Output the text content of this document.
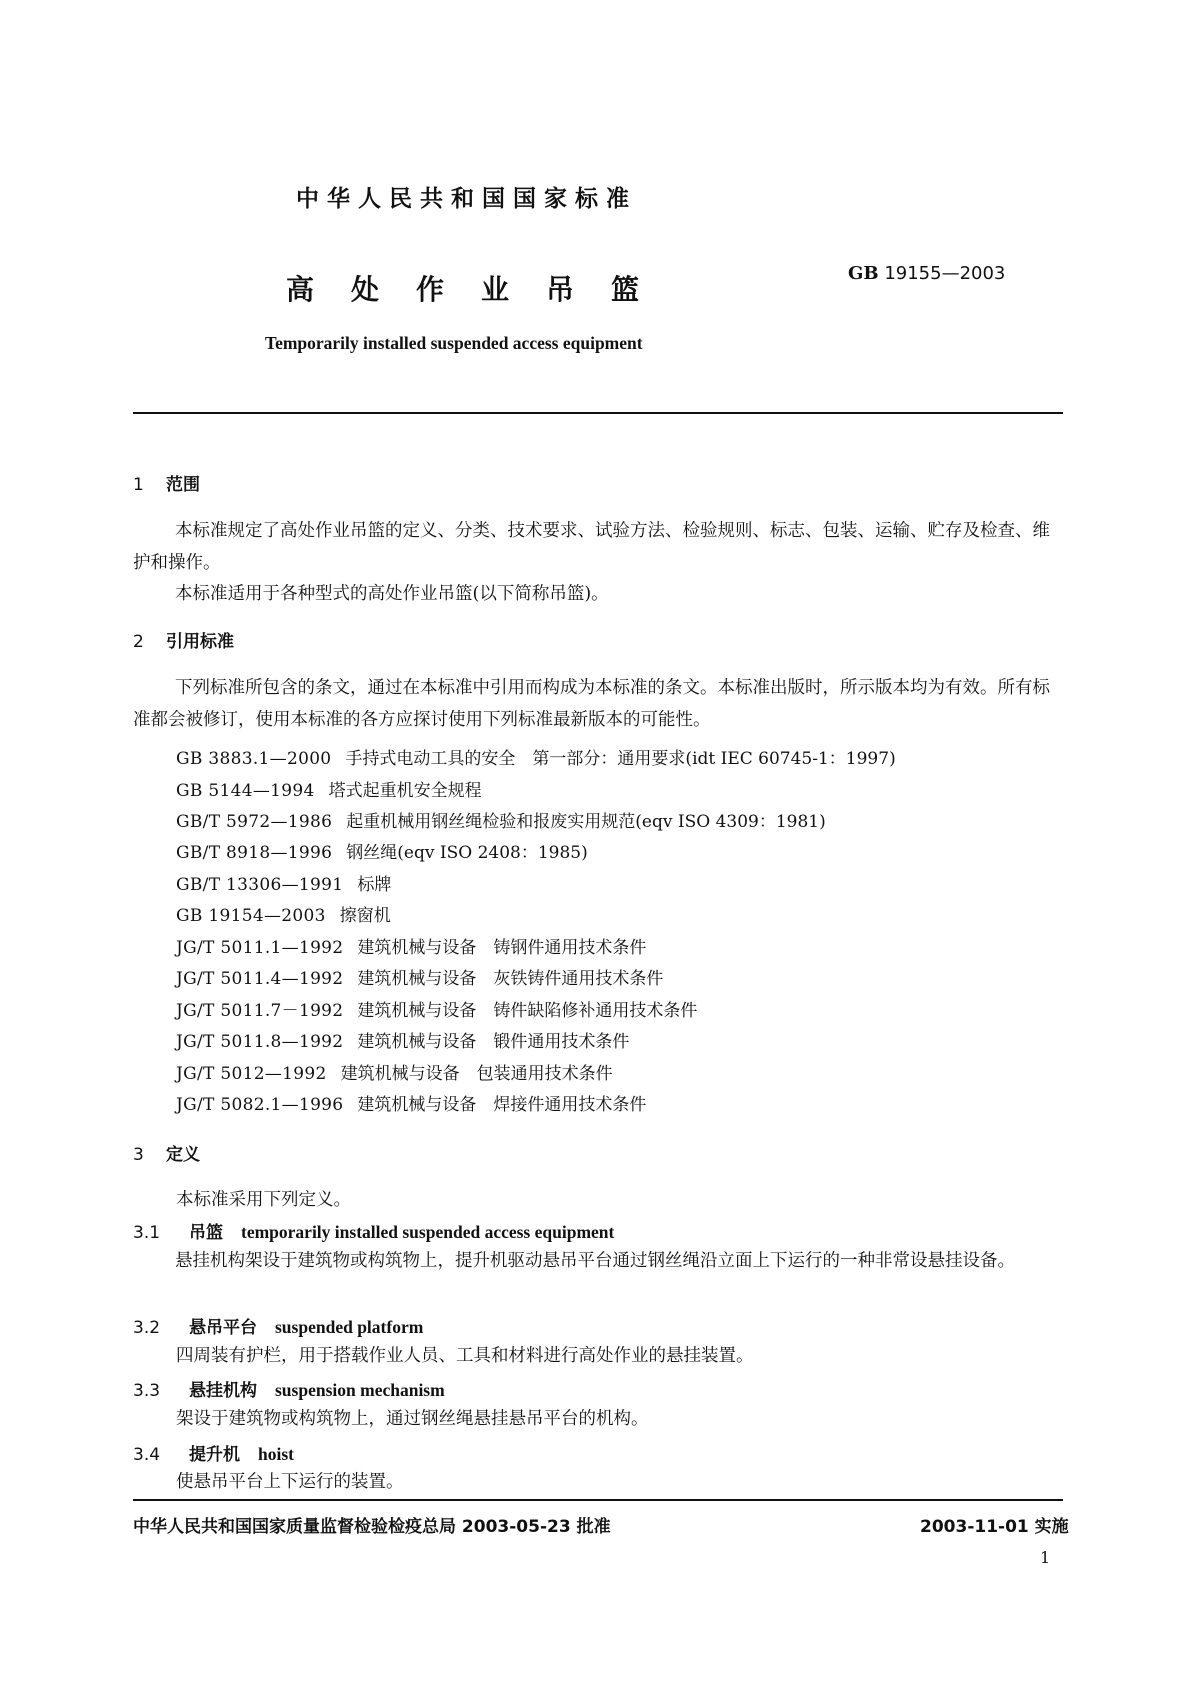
中华人民共和国国家标准
高处作业吊篮	GB 19155—2003
Temporarily installed suspended access equipment
1 范围
本标准规定了高处作业吊篮的定义、分类、技术要求、试验方法、检验规则、标志、包装、运输、贮存及检查、维护和操作。
本标准适用于各种型式的高处作业吊篮(以下简称吊篮)。
2 引用标准
下列标准所包含的条文，通过在本标准中引用而构成为本标准的条文。本标准出版时，所示版本均为有效。所有标准都会被修订，使用本标准的各方应探讨使用下列标准最新版本的可能性。
GB 3883.1—2000 手持式电动工具的安全　第一部分：通用要求(idt IEC 60745-1：1997)
GB 5144—1994 塔式起重机安全规程
GB/T 5972—1986 起重机械用钢丝绳检验和报废实用规范(eqv ISO 4309：1981)
GB/T 8918—1996 钢丝绳(eqv ISO 2408：1985)
GB/T 13306—1991 标牌
GB 19154—2003 擦窗机
JG/T 5011.1—1992 建筑机械与设备　铸钢件通用技术条件
JG/T 5011.4—1992 建筑机械与设备　灰铁铸件通用技术条件
JG/T 5011.7－1992 建筑机械与设备　铸件缺陷修补通用技术条件
JG/T 5011.8—1992 建筑机械与设备　锻件通用技术条件
JG/T 5012—1992 建筑机械与设备　包装通用技术条件
JG/T 5082.1—1996 建筑机械与设备　焊接件通用技术条件
3 定义
本标准采用下列定义。
3.1 吊篮 temporarily installed suspended access equipment
悬挂机构架设于建筑物或构筑物上，提升机驱动悬吊平台通过钢丝绳沿立面上下运行的一种非常设悬挂设备。
3.2 悬吊平台 suspended platform
四周装有护栏，用于搭载作业人员、工具和材料进行高处作业的悬挂装置。
3.3 悬挂机构 suspension mechanism
架设于建筑物或构筑物上，通过钢丝绳悬挂悬吊平台的机构。
3.4 提升机 hoist
使悬吊平台上下运行的装置。
中华人民共和国国家质量监督检验检疫总局 2003-05-23 批准	2003-11-01 实施
1
